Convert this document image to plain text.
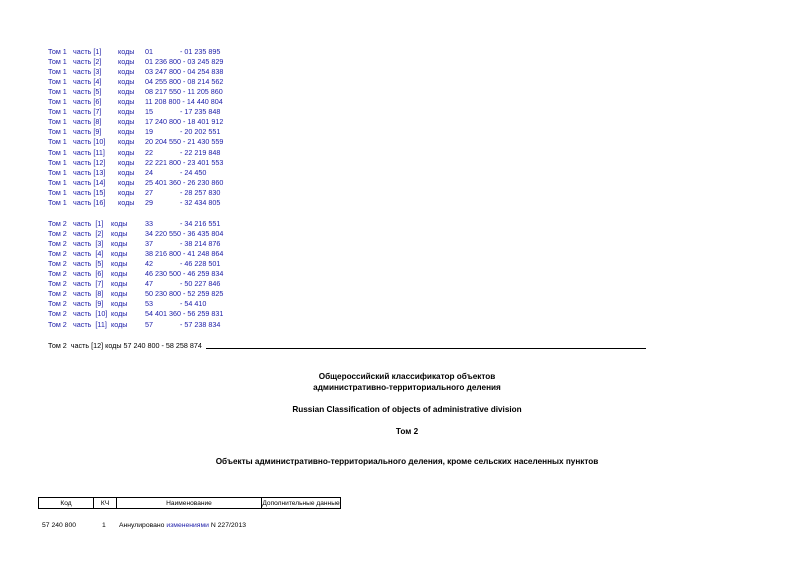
Том 1 часть [1] коды 01	- 01 235 895
Том 1 часть [2] коды 01 236 800 - 03 245 829
Том 1 часть [3] коды 03 247 800 - 04 254 838
Том 1 часть [4] коды 04 255 800 - 08 214 562
Том 1 часть [5] коды 08 217 550 - 11 205 860
Том 1 часть [6] коды 11 208 800 - 14 440 804
Том 1 часть [7] коды 15	- 17 235 848
Том 1 часть [8] коды 17 240 800 - 18 401 912
Том 1 часть [9] коды 19	- 20 202 551
Том 1 часть [10] коды 20 204 550 - 21 430 559
Том 1 часть [11] коды 22	- 22 219 848
Том 1 часть [12] коды 22 221 800 - 23 401 553
Том 1 часть [13] коды 24	- 24 450
Том 1 часть [14] коды 25 401 360 - 26 230 860
Том 1 часть [15] коды 27	- 28 257 830
Том 1 часть [16] коды 29	- 32 434 805
Том 2 часть  [1] коды 33	- 34 216 551
Том 2 часть  [2] коды 34 220 550 - 36 435 804
Том 2 часть  [3] коды 37	- 38 214 876
Том 2 часть  [4] коды 38 216 800 - 41 248 864
Том 2 часть  [5] коды 42	- 46 228 501
Том 2 часть  [6] коды 46 230 500 - 46 259 834
Том 2 часть  [7] коды 47	- 50 227 846
Том 2 часть  [8] коды 50 230 800 - 52 259 825
Том 2 часть  [9] коды 53	- 54 410
Том 2 часть  [10] коды 54 401 360 - 56 259 831
Том 2 часть  [11] коды 57	- 57 238 834
Том 2  часть [12] коды 57 240 800 - 58 258 874
Общероссийский классификатор объектов
административно-территориального деления
Russian Classification of objects of administrative division
Том 2
Объекты административно-территориального деления, кроме сельских населенных пунктов
Код	КЧ	Наименование	Дополнительные данные
57 240 800	1 Аннулировано изменениями N 227/2013
